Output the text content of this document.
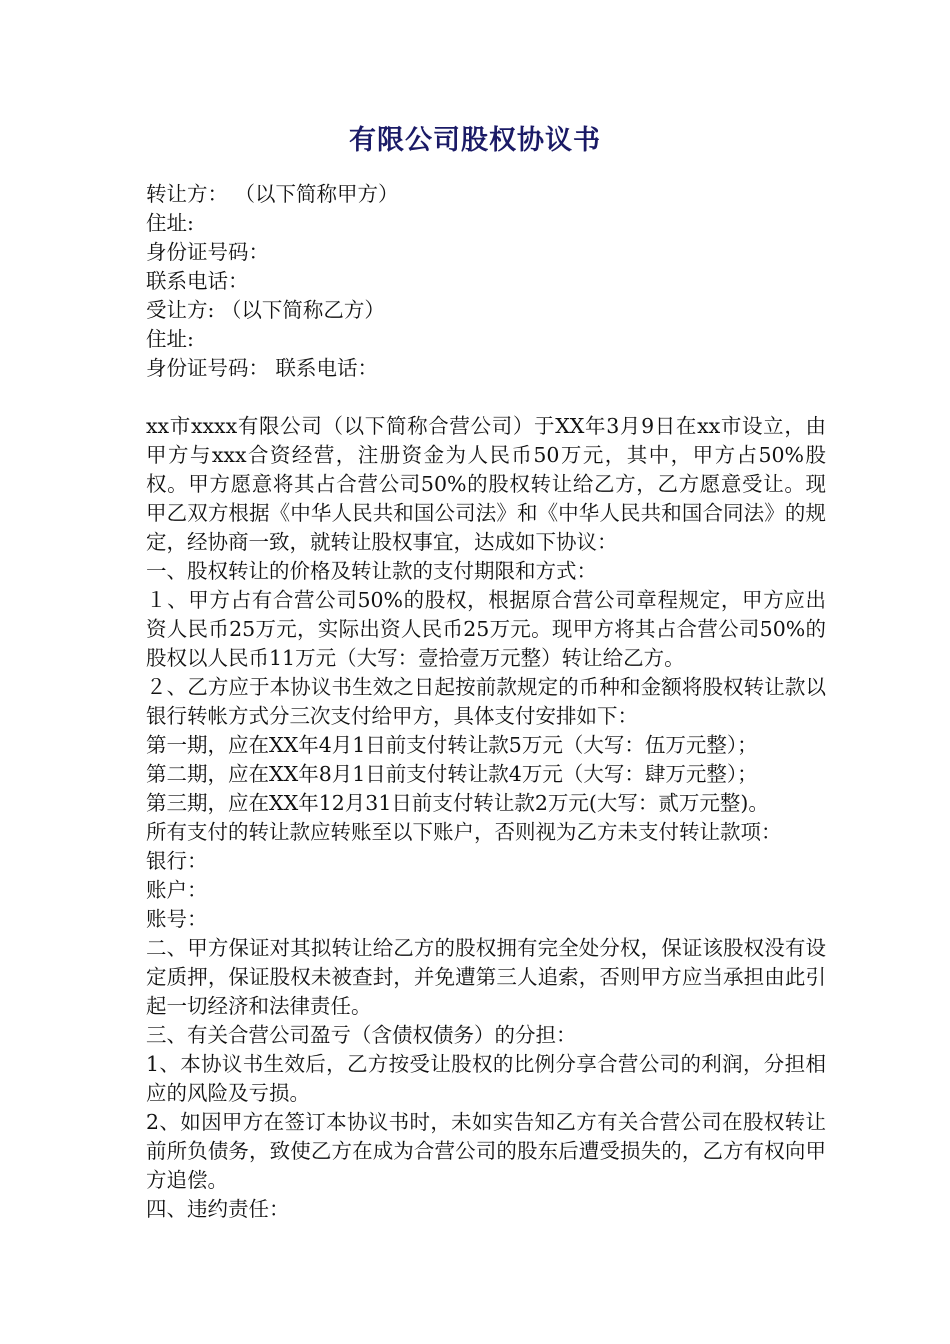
有限公司股权协议书
转让方： （以下简称甲方）
住址:
身份证号码：
联系电话：
受让方: （以下简称乙方）
住址:
身份证号码： 联系电话：
xx市xxxx有限公司（以下简称合营公司）于XX年3月9日在xx市设立，由甲方与xxx合资经营，注册资金为人民币50万元，其中，甲方占50%股权。甲方愿意将其占合营公司50%的股权转让给乙方，乙方愿意受让。现甲乙双方根据《中华人民共和国公司法》和《中华人民共和国合同法》的规定，经协商一致，就转让股权事宜，达成如下协议：
一、股权转让的价格及转让款的支付期限和方式：
１、甲方占有合营公司50%的股权，根据原合营公司章程规定，甲方应出资人民币25万元，实际出资人民币25万元。现甲方将其占合营公司50%的股权以人民币11万元（大写：壹拾壹万元整）转让给乙方。
２、乙方应于本协议书生效之日起按前款规定的币种和金额将股权转让款以银行转帐方式分三次支付给甲方，具体支付安排如下：
第一期，应在XX年4月1日前支付转让款5万元（大写：伍万元整）；
第二期，应在XX年8月1日前支付转让款4万元（大写：肆万元整）；
第三期，应在XX年12月31日前支付转让款2万元(大写：贰万元整)。
所有支付的转让款应转账至以下账户，否则视为乙方未支付转让款项：
银行：
账户：
账号：
二、甲方保证对其拟转让给乙方的股权拥有完全处分权，保证该股权没有设定质押，保证股权未被查封，并免遭第三人追索，否则甲方应当承担由此引起一切经济和法律责任。
三、有关合营公司盈亏（含债权债务）的分担：
1、本协议书生效后，乙方按受让股权的比例分享合营公司的利润，分担相应的风险及亏损。
2、如因甲方在签订本协议书时，未如实告知乙方有关合营公司在股权转让前所负债务，致使乙方在成为合营公司的股东后遭受损失的，乙方有权向甲方追偿。
四、违约责任：
